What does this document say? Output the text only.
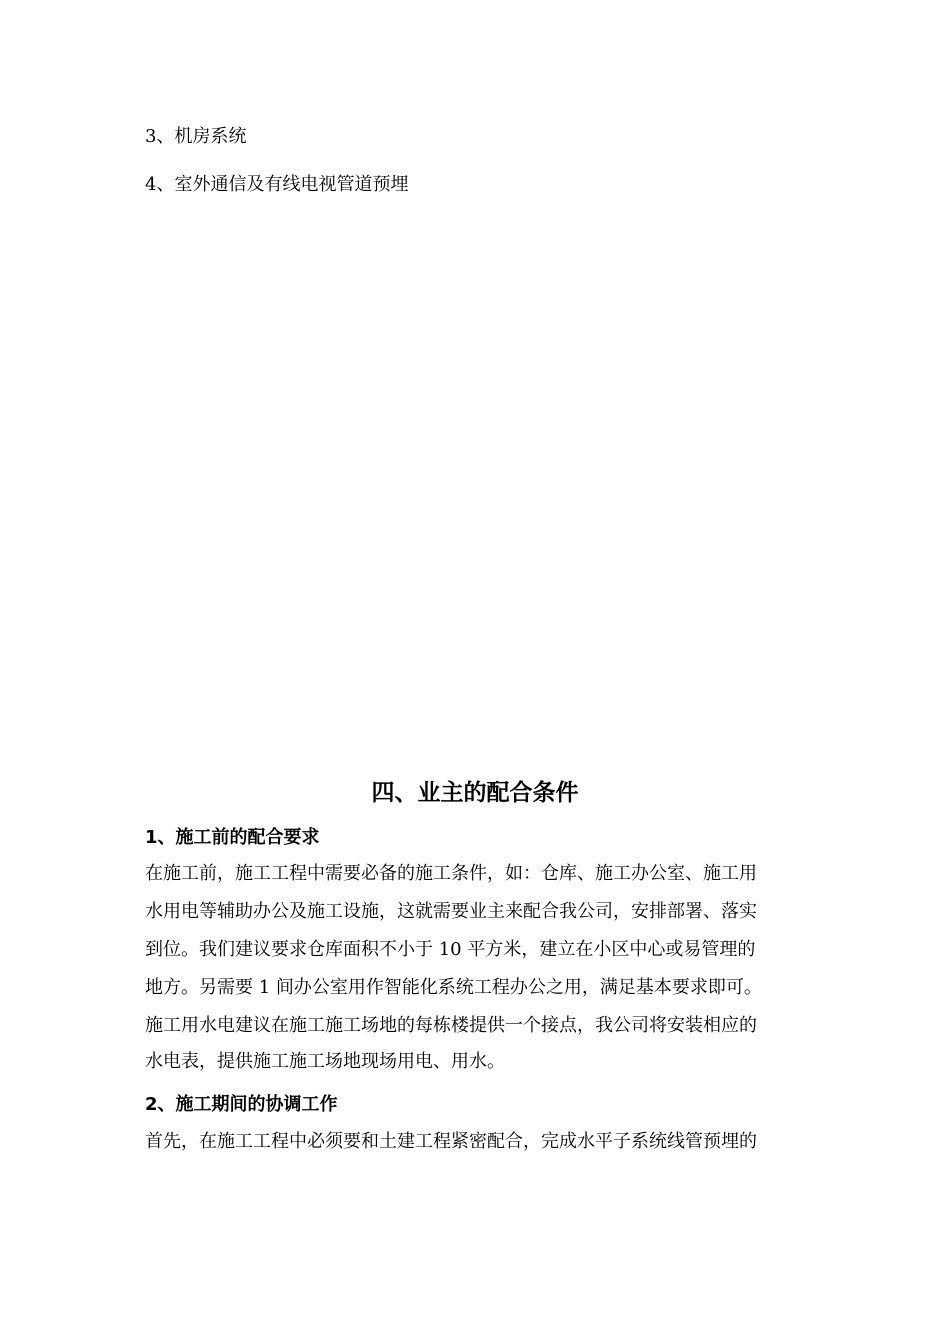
3、机房系统
4、室外通信及有线电视管道预埋
四、业主的配合条件
1、施工前的配合要求
在施工前，施工工程中需要必备的施工条件，如：仓库、施工办公室、施工用
水用电等辅助办公及施工设施，这就需要业主来配合我公司，安排部署、落实
到位。我们建议要求仓库面积不小于 10 平方米，建立在小区中心或易管理的
地方。另需要 1 间办公室用作智能化系统工程办公之用，满足基本要求即可。
施工用水电建议在施工施工场地的每栋楼提供一个接点，我公司将安装相应的
水电表，提供施工施工场地现场用电、用水。
2、施工期间的协调工作
首先，在施工工程中必须要和土建工程紧密配合，完成水平子系统线管预埋的
